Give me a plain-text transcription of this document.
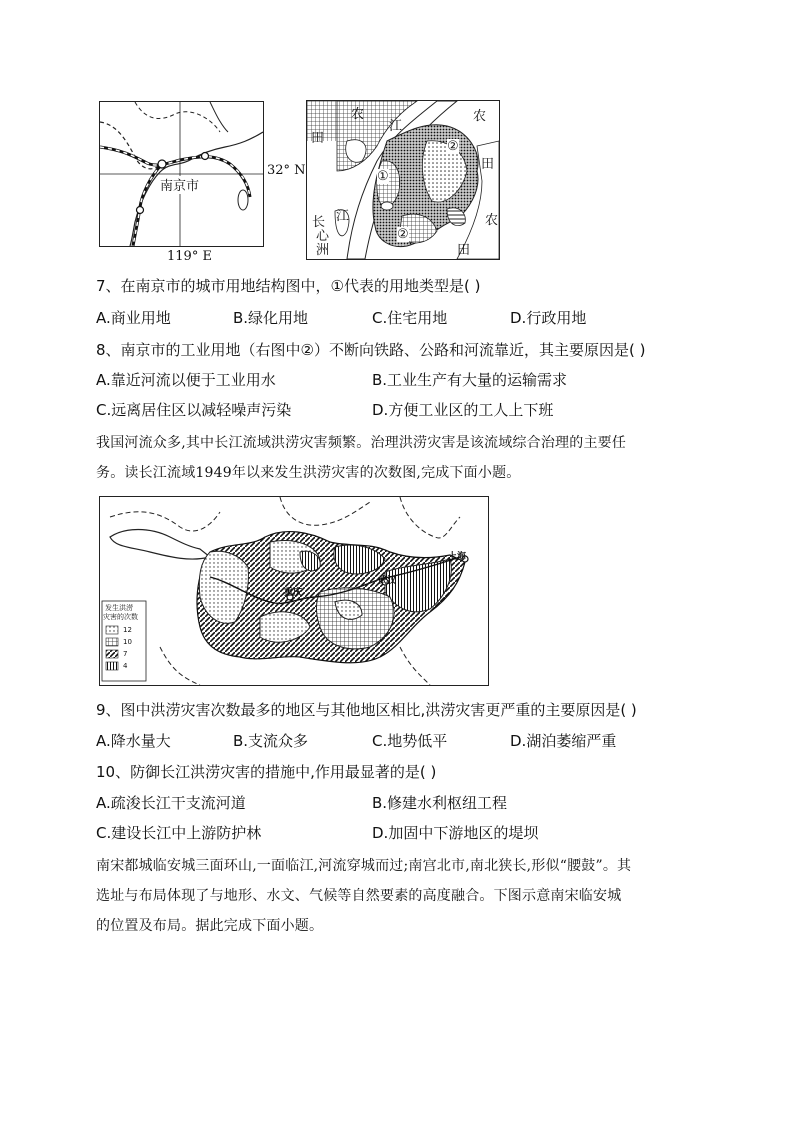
南京市
32° N
119° E
农
田
江
农
田
长 江
心
洲
农
田
①
②
②
7、在南京市的城市用地结构图中，①代表的用地类型是( )
A.商业用地	B.绿化用地	C.住宅用地	D.行政用地
8、南京市的工业用地（右图中②）不断向铁路、公路和河流靠近，其主要原因是( )
A.靠近河流以便于工业用水	B.工业生产有大量的运输需求
C.远离居住区以减轻噪声污染	D.方便工业区的工人上下班
我国河流众多,其中长江流域洪涝灾害频繁。治理洪涝灾害是该流域综合治理的主要任
务。读长江流域1949年以来发生洪涝灾害的次数图,完成下面小题。
上海
武汉
重庆
发生洪涝
灾害的次数
12
10
7
4
9、图中洪涝灾害次数最多的地区与其他地区相比,洪涝灾害更严重的主要原因是( )
A.降水量大	B.支流众多	C.地势低平	D.湖泊萎缩严重
10、防御长江洪涝灾害的措施中,作用最显著的是( )
A.疏浚长江干支流河道	B.修建水利枢纽工程
C.建设长江中上游防护林	D.加固中下游地区的堤坝
南宋都城临安城三面环山,一面临江,河流穿城而过;南宫北市,南北狭长,形似“腰鼓”。其
选址与布局体现了与地形、水文、气候等自然要素的高度融合。下图示意南宋临安城
的位置及布局。据此完成下面小题。
